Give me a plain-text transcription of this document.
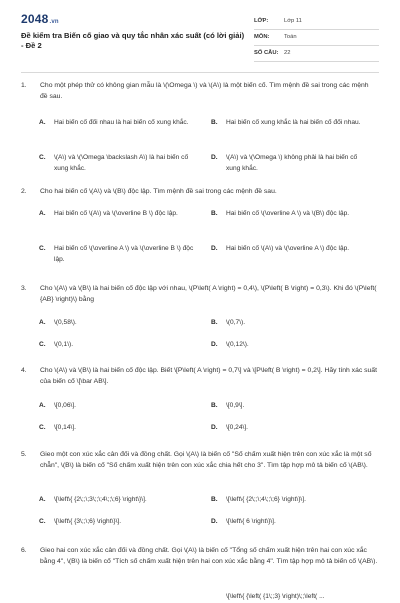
2048.vn
Đề kiểm tra Biến cố giao và quy tắc nhân xác suất (có lời giải) - Đề 2
LỚP:	Lớp 11
MÔN:	Toán
SỐ CÂU: 22
1. Cho một phép thử có không gian mẫu là \(\Omega \) và \(A\) là một biến cố. Tìm mệnh đề sai trong các mệnh đề sau.
A. Hai biến cố đối nhau là hai biến cố xung khắc.	B. Hai biến cố xung khắc là hai biến cố đối nhau.
C. \(A\) và \(\Omega \backslash A\) là hai biến cố xung khắc.
D. \(A\) và \(\Omega \) không phải là hai biến cố xung khắc.
2. Cho hai biến cố \(A\) và \(B\) độc lập. Tìm mệnh đề sai trong các mệnh đề sau.
A. Hai biến cố \(A\) và \(\overline B \) độc lập.	B. Hai biến cố \(\overline A \) và \(B\) độc lập.
C. Hai biến cố \(\overline A \) và \(\overline B \) độc lập.
D. Hai biến cố \(A\) và \(\overline A \) độc lập.
3. Cho \(A\) và \(B\) là hai biến cố độc lập với nhau, \(P\left( A \right) = 0,4\), \(P\left( B \right) = 0,3\). Khi đó \(P\left( {AB} \right)\) bằng
A. \(0,58\).	B. \(0,7\).
C. \(0,1\).	D. \(0,12\).
4. Cho \(A\) và \(B\) là hai biến cố độc lập. Biết \[P\left( A \right) = 0,7\] và \[P\left( B \right) = 0,2\]. Hãy tính xác suất của biến cố \[\bar AB\].
A. \[0,06\].	B. \[0,9\].
C. \[0,14\].	D. \[0,24\].
5. Gieo một con xúc xắc cân đối và đồng chất. Gọi \(A\) là biến cố "Số chấm xuất hiện trên con xúc xắc là một số chẵn", \(B\) là biến cố "Số chấm xuất hiện trên con xúc xắc chia hết cho 3". Tìm tập hợp mô tả biến cố \(AB\).
A. \[\left\{ {2\;;\;3\;;\;4\;;\;6} \right\}\].	B. \[\left\{ {2\;;\;4\;;\;6} \right\}\].
C. \[\left\{ {3\;;\;6} \right\}\].	D. \[\left\{ 6 \right\}\].
6. Gieo hai con xúc xắc cân đối và đồng chất. Gọi \(A\) là biến cố "Tổng số chấm xuất hiện trên hai con xúc xắc bằng 4", \(B\) là biến cố "Tích số chấm xuất hiện trên hai con xúc xắc bằng 4". Tìm tập hợp mô tả biến cố \(AB\).
\[\left\{ {\left( {1\;;3} \right)\;;\left( ...
